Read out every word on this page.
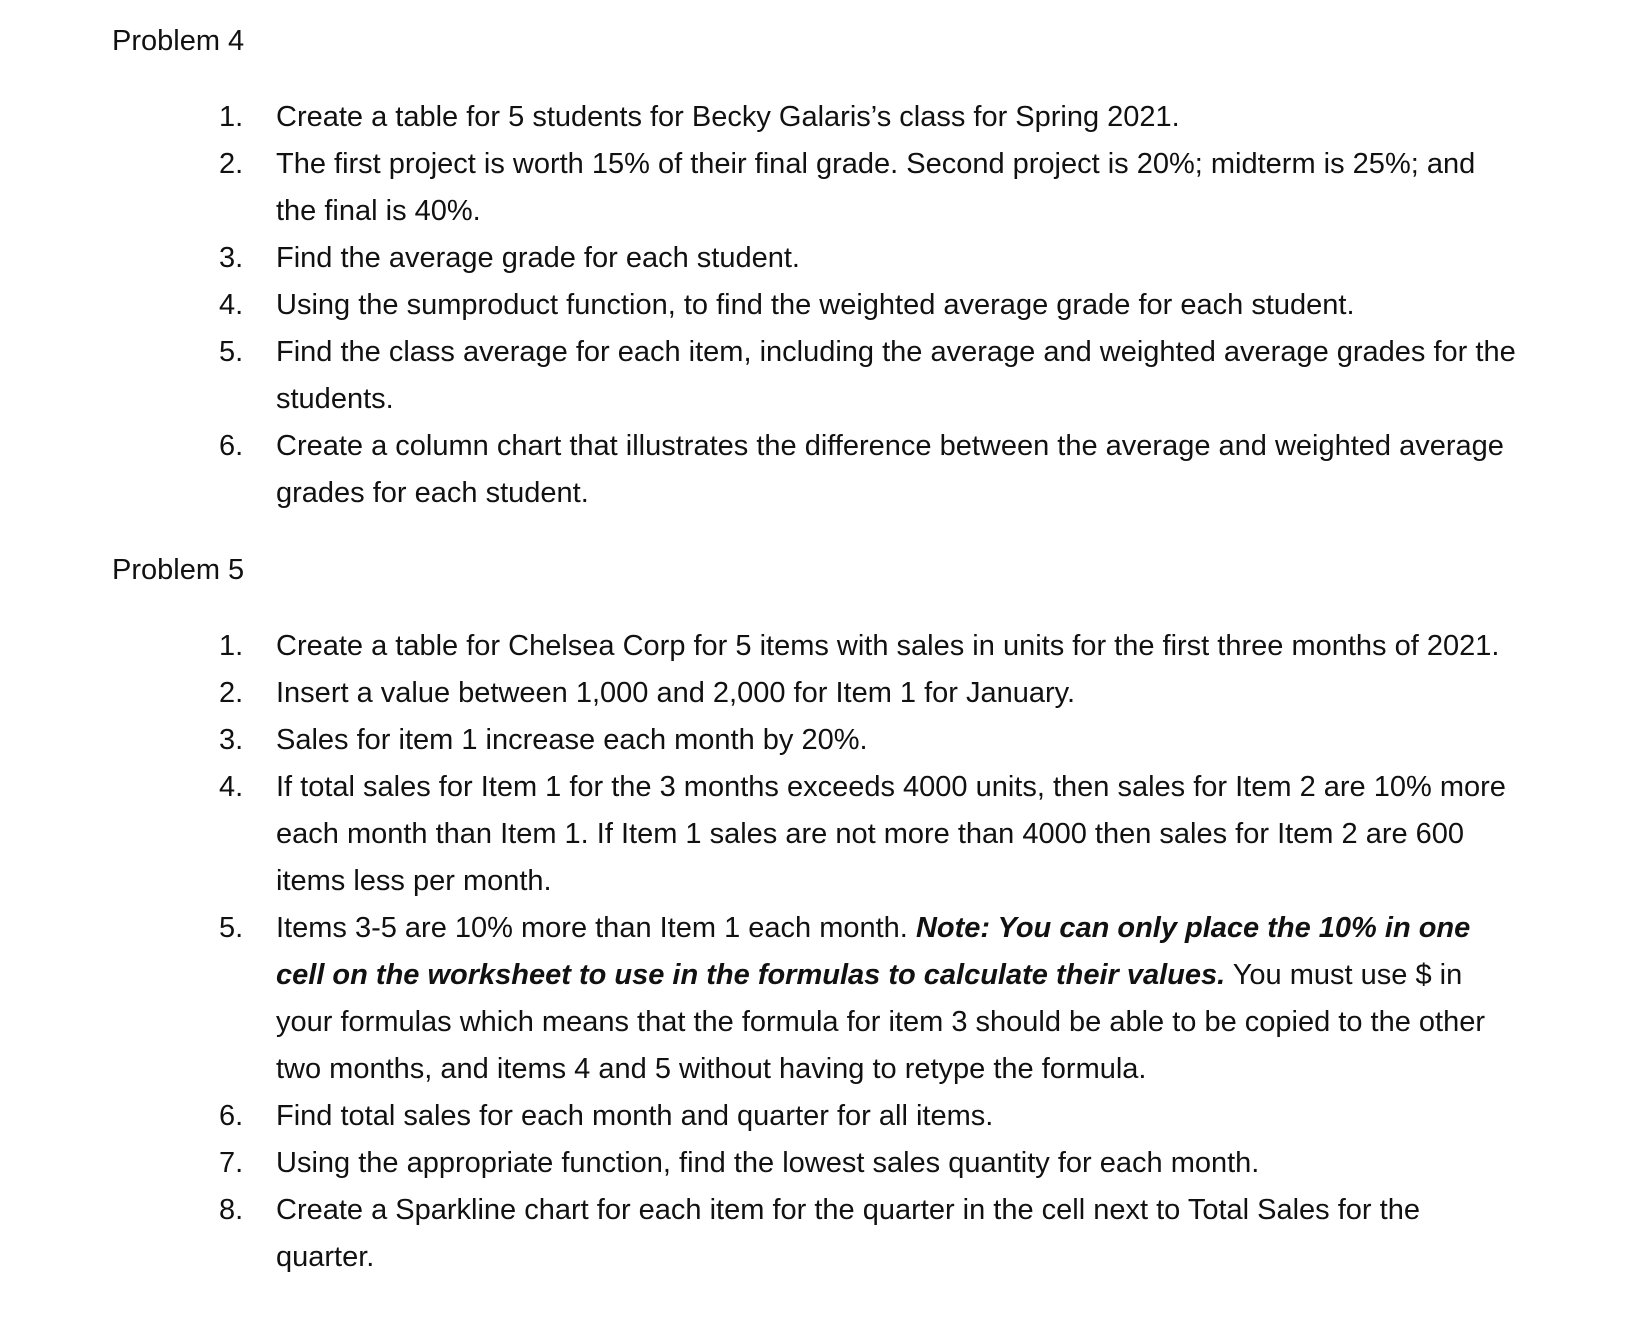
Problem 4
1.	Create a table for 5 students for Becky Galaris’s class for Spring 2021.
2.	The first project is worth 15% of their final grade. Second project is 20%; midterm is 25%; and the final is 40%.
3.	Find the average grade for each student.
4.	Using the sumproduct function, to find the weighted average grade for each student.
5.	Find the class average for each item, including the average and weighted average grades for the students.
6.	Create a column chart that illustrates the difference between the average and weighted average grades for each student.
Problem 5
1.	Create a table for Chelsea Corp for 5 items with sales in units for the first three months of 2021.
2.	Insert a value between 1,000 and 2,000 for Item 1 for January.
3.	Sales for item 1 increase each month by 20%.
4.	If total sales for Item 1 for the 3 months exceeds 4000 units, then sales for Item 2 are 10% more each month than Item 1. If Item 1 sales are not more than 4000 then sales for Item 2 are 600 items less per month.
5.	Items 3-5 are 10% more than Item 1 each month. Note: You can only place the 10% in one cell on the worksheet to use in the formulas to calculate their values. You must use $ in your formulas which means that the formula for item 3 should be able to be copied to the other two months, and items 4 and 5 without having to retype the formula.
6.	Find total sales for each month and quarter for all items.
7.	Using the appropriate function, find the lowest sales quantity for each month.
8.	Create a Sparkline chart for each item for the quarter in the cell next to Total Sales for the quarter.
